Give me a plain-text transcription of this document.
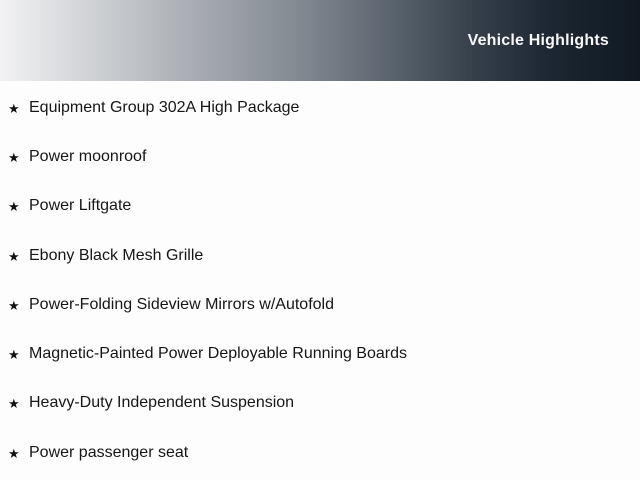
Vehicle Highlights
★ Equipment Group 302A High Package
★ Power moonroof
★ Power Liftgate
★ Ebony Black Mesh Grille
★ Power-Folding Sideview Mirrors w/Autofold
★ Magnetic-Painted Power Deployable Running Boards
★ Heavy-Duty Independent Suspension
★ Power passenger seat
